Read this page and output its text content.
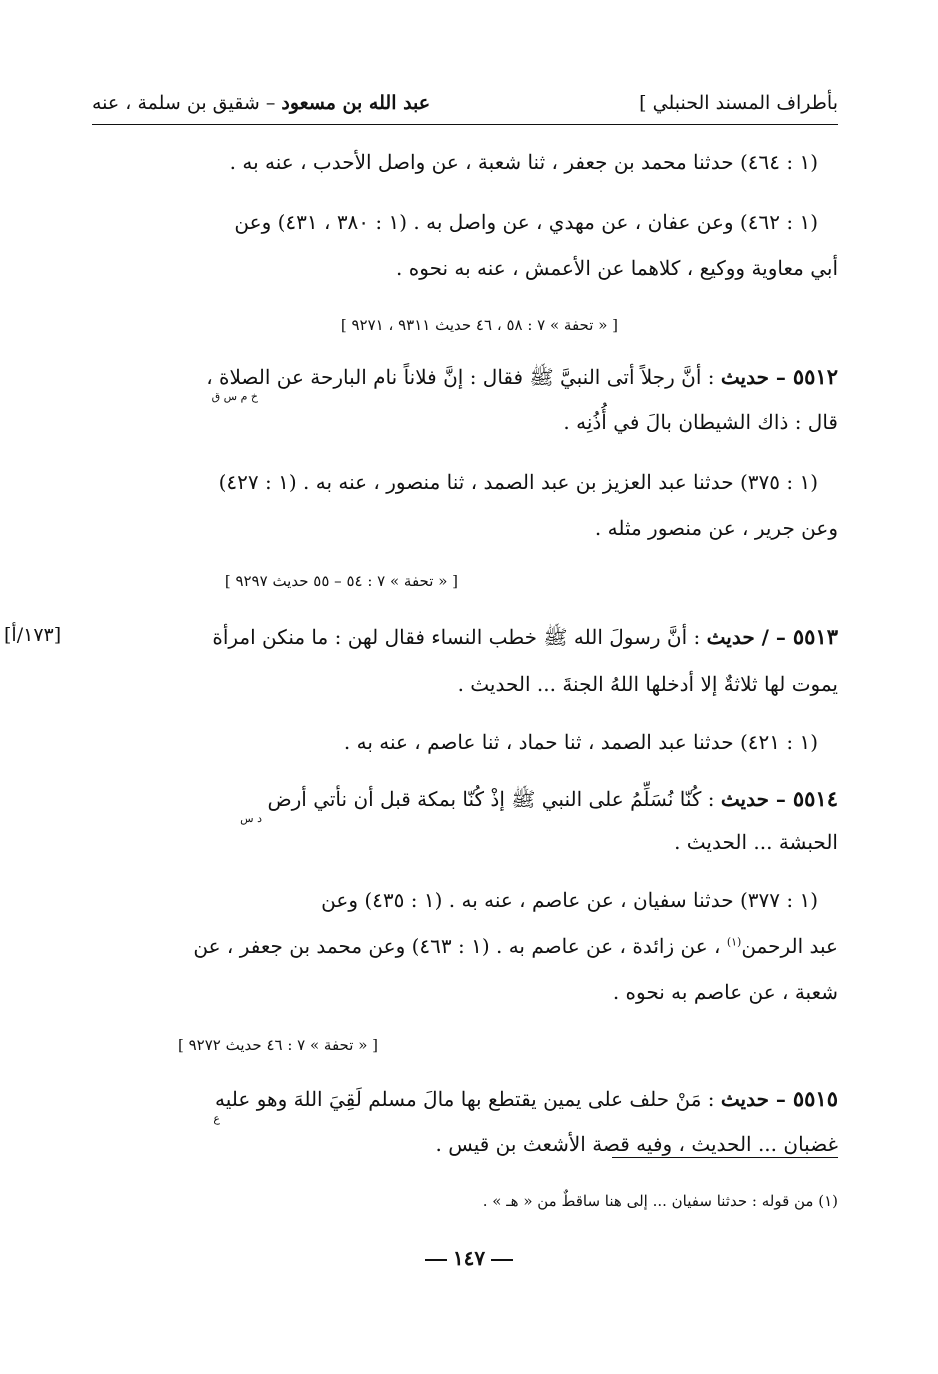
بأطراف المسند الحنبلي ]
عبد الله بن مسعود – شقيق بن سلمة ، عنه
(١ : ٤٦٤) حدثنا محمد بن جعفر ، ثنا شعبة ، عن واصل الأحدب ، عنه به .
(١ : ٤٦٢) وعن عفان ، عن مهدي ، عن واصل به . (١ : ٣٨٠ ، ٤٣١) وعن
أبي معاوية ووكيع ، كلاهما عن الأعمش ، عنه به نحوه .
[ « تحفة » ٧ : ٥٨ ، ٤٦ حديث ٩٣١١ ، ٩٢٧١ ]
٥٥١٢ – حديث : أنَّ رجلاً أتى النبيَّ ﷺ فقال : إنَّ فلاناً نام البارحة عن الصلاة ،
خ م س ق
قال : ذاك الشيطان بالَ في أُذُنِه .
(١ : ٣٧٥) حدثنا عبد العزيز بن عبد الصمد ، ثنا منصور ، عنه به . (١ : ٤٢٧)
وعن جرير ، عن منصور مثله .
[ « تحفة » ٧ : ٥٤ – ٥٥ حديث ٩٢٩٧ ]
٥٥١٣ – / حديث : أنَّ رسولَ الله ﷺ خطب النساء فقال لهن : ما منكن امرأة
[١٧٣/أ]
يموت لها ثلاثةٌ إلا أدخلها اللهُ الجنةَ ... الحديث .
(١ : ٤٢١) حدثنا عبد الصمد ، ثنا حماد ، ثنا عاصم ، عنه به .
٥٥١٤ – حديث : كُنّا نُسَلِّمُ على النبي ﷺ إذْ كُنّا بمكة قبل أن نأتي أرض
د س
الحبشة ... الحديث .
(١ : ٣٧٧) حدثنا سفيان ، عن عاصم ، عنه به . (١ : ٤٣٥) وعن
عبد الرحمن$^{(١)}$ ، عن زائدة ، عن عاصم به . (١ : ٤٦٣) وعن محمد بن جعفر ، عن
شعبة ، عن عاصم به نحوه .
[ « تحفة » ٧ : ٤٦ حديث ٩٢٧٢ ]
٥٥١٥ – حديث : مَنْ حلف على يمين يقتطع بها مالَ مسلم لَقِيَ اللهَ وهو عليه
ع
غضبان ... الحديث ، وفيه قصة الأشعث بن قيس .
(١) من قوله : حدثنا سفيان ... إلى هنا ساقطٌ من « هـ » .
١٤٧
